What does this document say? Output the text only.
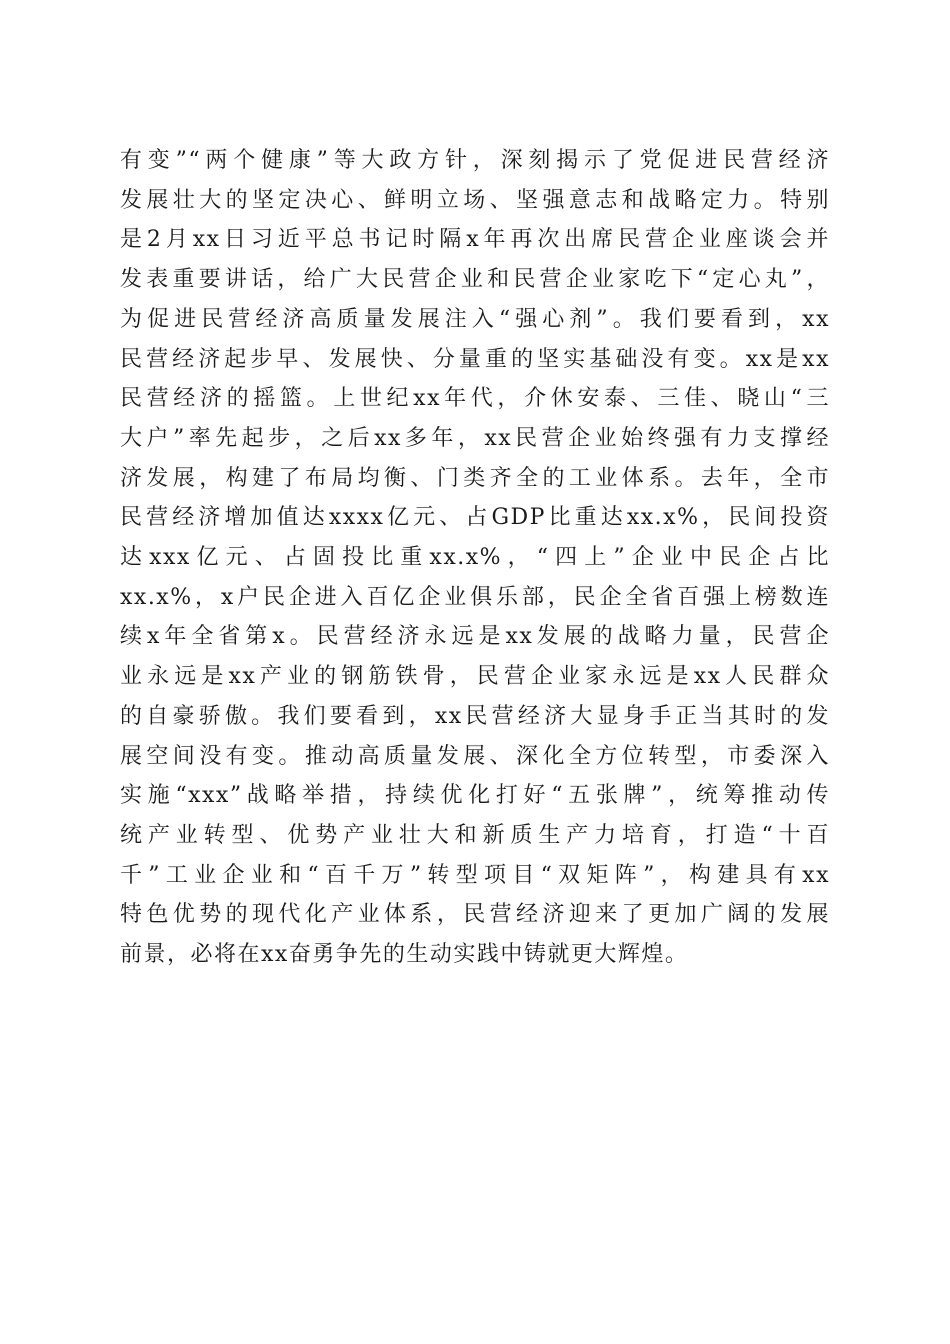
有变”“两个健康”等大政方针，深刻揭示了党促进民营经济
发展壮大的坚定决心、鲜明立场、坚强意志和战略定力。特别
是2月xx日习近平总书记时隔x年再次出席民营企业座谈会并
发表重要讲话，给广大民营企业和民营企业家吃下“定心丸”，
为促进民营经济高质量发展注入“强心剂”。我们要看到，xx
民营经济起步早、发展快、分量重的坚实基础没有变。xx是xx
民营经济的摇篮。上世纪xx年代，介休安泰、三佳、晓山“三
大户”率先起步，之后xx多年，xx民营企业始终强有力支撑经
济发展，构建了布局均衡、门类齐全的工业体系。去年，全市
民营经济增加值达xxxx亿元、占GDP比重达xx.x%，民间投资
达xxx亿元、占固投比重xx.x%，“四上”企业中民企占比
xx.x%，x户民企进入百亿企业俱乐部，民企全省百强上榜数连
续x年全省第x。民营经济永远是xx发展的战略力量，民营企
业永远是xx产业的钢筋铁骨，民营企业家永远是xx人民群众
的自豪骄傲。我们要看到，xx民营经济大显身手正当其时的发
展空间没有变。推动高质量发展、深化全方位转型，市委深入
实施“xxx”战略举措，持续优化打好“五张牌”，统筹推动传
统产业转型、优势产业壮大和新质生产力培育，打造“十百
千”工业企业和“百千万”转型项目“双矩阵”，构建具有xx
特色优势的现代化产业体系，民营经济迎来了更加广阔的发展
前景，必将在xx奋勇争先的生动实践中铸就更大辉煌。
